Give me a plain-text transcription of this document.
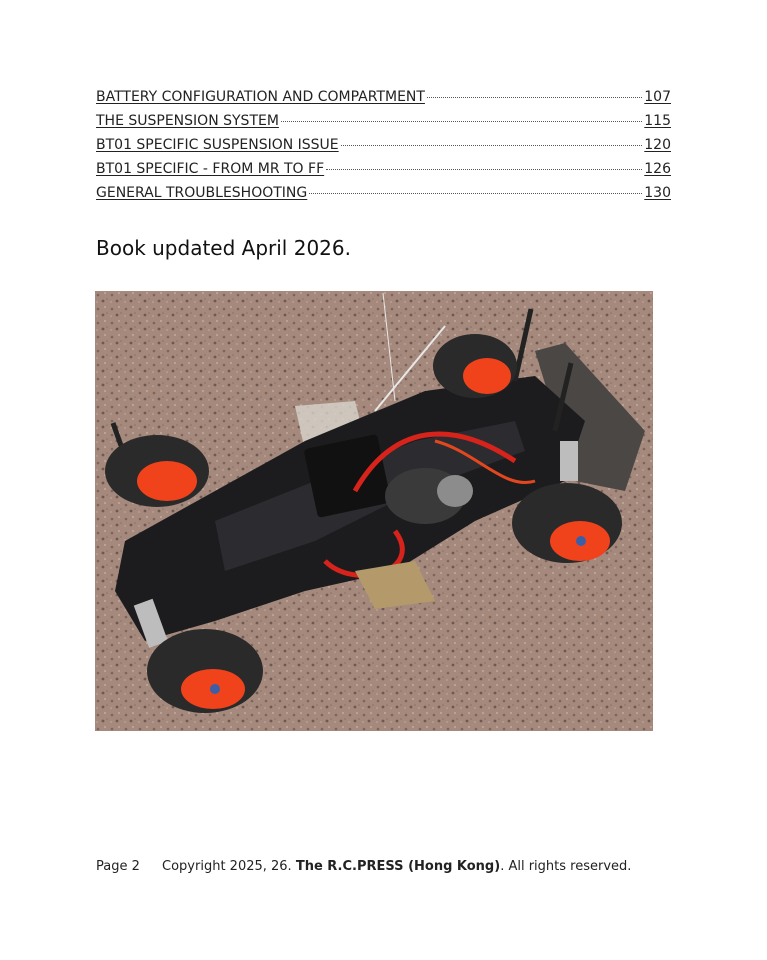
BATTERY CONFIGURATION AND COMPARTMENT	107
THE SUSPENSION SYSTEM	115
BT01 SPECIFIC SUSPENSION ISSUE	120
BT01 SPECIFIC - FROM MR TO FF	126
GENERAL TROUBLESHOOTING	130
Book updated April 2026.
Page 2 Copyright 2025, 26. The R.C.PRESS (Hong Kong). All rights reserved.
